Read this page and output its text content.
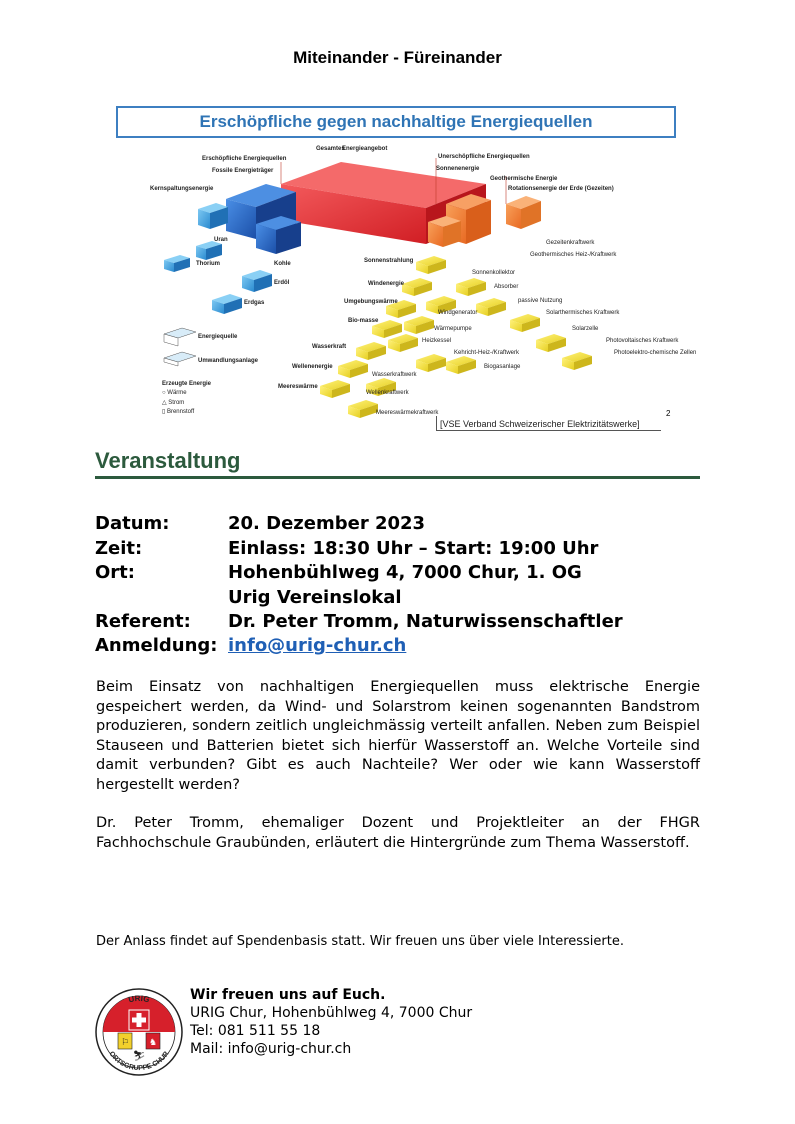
Miteinander - Füreinander
Erschöpfliche Energiequellen
Fossile Energieträger
Gesamtes
Energieangebot
Unerschöpfliche Energiequellen
Sonnenenergie
Geothermische Energie
Rotationsenergie der Erde (Gezeiten)
Kernspaltungsenergie
Uran
Thorium	Kohle
Erdöl
Erdgas
Sonnenstrahlung
Windenergie
Umgebungswärme
Bio-masse
Wasserkraft
Wellenenergie
Meereswärme
Gezeitenkraftwerk
Geothermisches Heiz-/Kraftwerk
Sonnenkollektor
Absorber
passive Nutzung
Windgenerator	Solarthermisches Kraftwerk
Wärmepumpe	Solarzelle
Heizkessel	Photovoltaisches Kraftwerk
Kehricht-Heiz-/Kraftwerk	Photoelektro-chemische Zellen
Biogasanlage
Wasserkraftwerk
Wellenkraftwerk
Meereswärmekraftwerk
Energiequelle
Umwandlungsanlage
Erzeugte Energie
○ Wärme
△ Strom
▯ Brennstoff
Erschöpfliche gegen nachhaltige Energiequellen
[VSE Verband Schweizerischer Elektrizitätswerke]
2
Veranstaltung
Datum:	20. Dezember 2023
Zeit:	Einlass: 18:30 Uhr – Start: 19:00 Uhr
Ort:	Hohenbühlweg 4, 7000 Chur, 1. OG
Urig Vereinslokal
Referent: Dr. Peter Tromm, Naturwissenschaftler
Anmeldung: info@urig-chur.ch
Beim Einsatz von nachhaltigen Energiequellen muss elektrische Energie gespeichert werden, da Wind- und Solarstrom keinen sogenannten Bandstrom produzieren, sondern zeitlich ungleichmässig verteilt anfallen. Neben zum Beispiel Stauseen und Batterien bietet sich hierfür Wasserstoff an. Welche Vorteile sind damit verbunden? Gibt es auch Nachteile? Wer oder wie kann Wasserstoff hergestellt werden?
Dr. Peter Tromm, ehemaliger Dozent und Projektleiter an der FHGR Fachhochschule Graubünden, erläutert die Hintergründe zum Thema Wasserstoff.
Der Anlass findet auf Spendenbasis statt. Wir freuen uns über viele Interessierte.
⚐ ♞
⛷
URIG
ORTSGRUPPE CHUR
Wir freuen uns auf Euch.
URIG Chur, Hohenbühlweg 4, 7000 Chur
Tel: 081 511 55 18
Mail: info@urig-chur.ch
